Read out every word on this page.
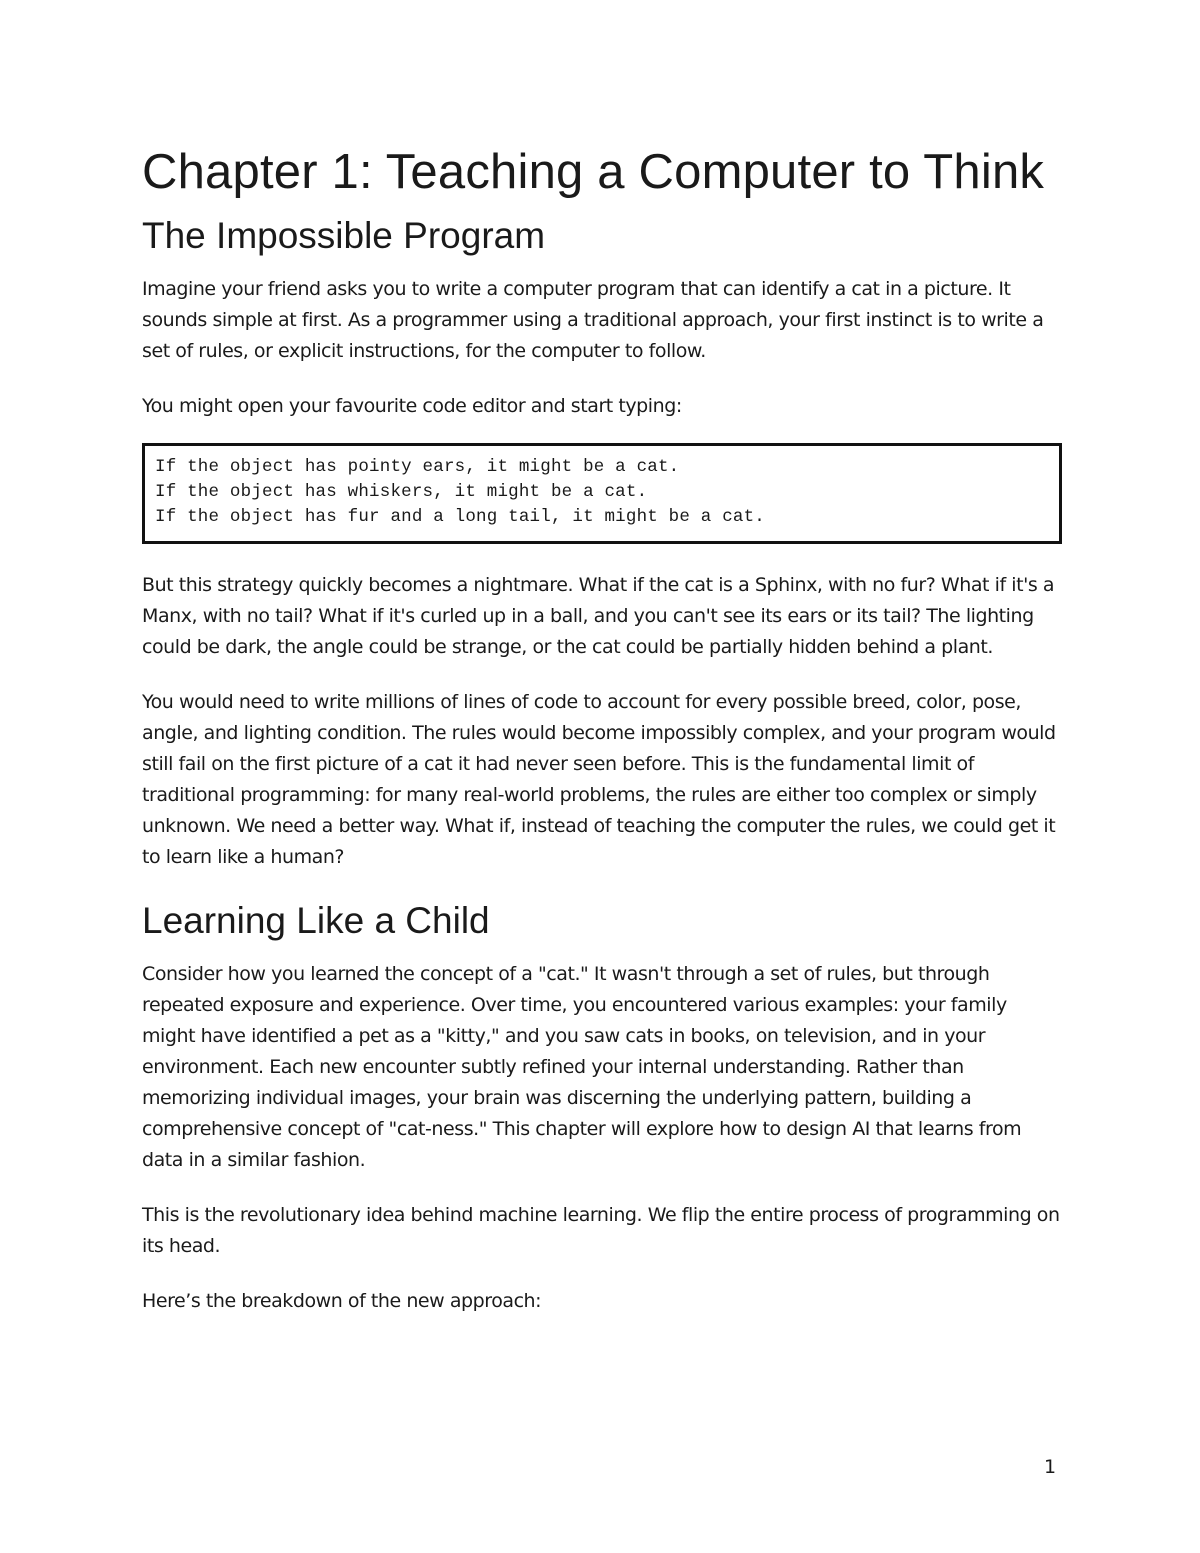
Chapter 1: Teaching a Computer to Think
The Impossible Program

Imagine your friend asks you to write a computer program that can identify a cat in a picture. It sounds simple at first. As a programmer using a traditional approach, your first instinct is to write a set of rules, or explicit instructions, for the computer to follow.

You might open your favourite code editor and start typing:

If the object has pointy ears, it might be a cat.
If the object has whiskers, it might be a cat.
If the object has fur and a long tail, it might be a cat.

But this strategy quickly becomes a nightmare. What if the cat is a Sphinx, with no fur? What if it's a Manx, with no tail? What if it's curled up in a ball, and you can't see its ears or its tail? The lighting could be dark, the angle could be strange, or the cat could be partially hidden behind a plant.

You would need to write millions of lines of code to account for every possible breed, color, pose, angle, and lighting condition. The rules would become impossibly complex, and your program would still fail on the first picture of a cat it had never seen before. This is the fundamental limit of traditional programming: for many real-world problems, the rules are either too complex or simply unknown. We need a better way. What if, instead of teaching the computer the rules, we could get it to learn like a human?

Learning Like a Child

Consider how you learned the concept of a "cat." It wasn't through a set of rules, but through repeated exposure and experience. Over time, you encountered various examples: your family might have identified a pet as a "kitty," and you saw cats in books, on television, and in your environment. Each new encounter subtly refined your internal understanding. Rather than memorizing individual images, your brain was discerning the underlying pattern, building a comprehensive concept of "cat-ness." This chapter will explore how to design AI that learns from data in a similar fashion.

This is the revolutionary idea behind machine learning. We flip the entire process of programming on its head.

Here’s the breakdown of the new approach:

1
